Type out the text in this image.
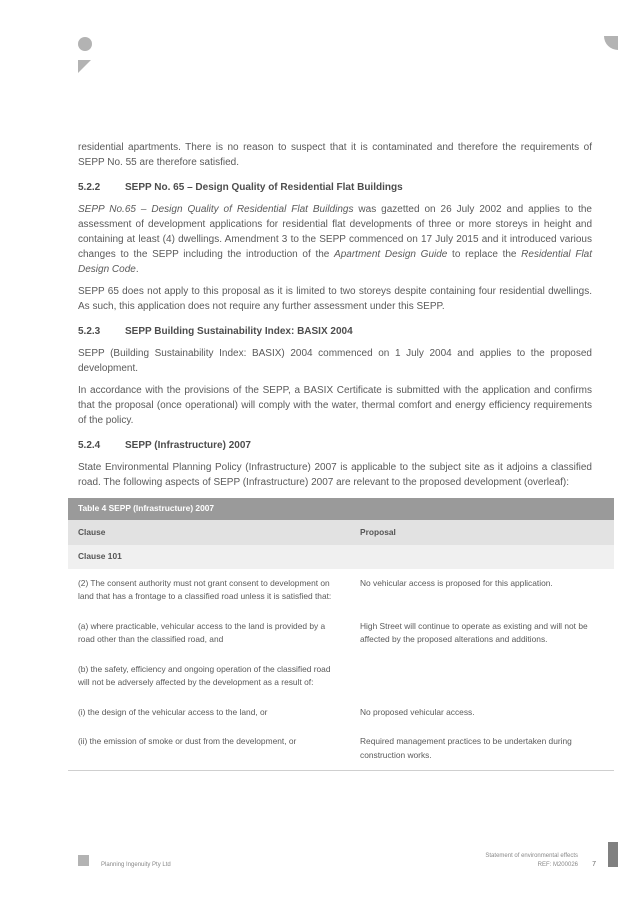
residential apartments. There is no reason to suspect that it is contaminated and therefore the requirements of SEPP No. 55 are therefore satisfied.

5.2.2 SEPP No. 65 – Design Quality of Residential Flat Buildings

SEPP No.65 – Design Quality of Residential Flat Buildings was gazetted on 26 July 2002 and applies to the assessment of development applications for residential flat developments of three or more storeys in height and containing at least (4) dwellings. Amendment 3 to the SEPP commenced on 17 July 2015 and it introduced various changes to the SEPP including the introduction of the Apartment Design Guide to replace the Residential Flat Design Code.

SEPP 65 does not apply to this proposal as it is limited to two storeys despite containing four residential dwellings. As such, this application does not require any further assessment under this SEPP.

5.2.3 SEPP Building Sustainability Index: BASIX 2004

SEPP (Building Sustainability Index: BASIX) 2004 commenced on 1 July 2004 and applies to the proposed development.

In accordance with the provisions of the SEPP, a BASIX Certificate is submitted with the application and confirms that the proposal (once operational) will comply with the water, thermal comfort and energy efficiency requirements of the policy.

5.2.4 SEPP (Infrastructure) 2007

State Environmental Planning Policy (Infrastructure) 2007 is applicable to the subject site as it adjoins a classified road. The following aspects of SEPP (Infrastructure) 2007 are relevant to the proposed development (overleaf):

Table 4 SEPP (Infrastructure) 2007	
Clause	Proposal
Clause 101	
(2) The consent authority must not grant consent to development on land that has a frontage to a classified road unless it is satisfied that:	No vehicular access is proposed for this application.
(a) where practicable, vehicular access to the land is provided by a road other than the classified road, and	High Street will continue to operate as existing and will not be affected by the proposed alterations and additions.
(b) the safety, efficiency and ongoing operation of the classified road will not be adversely affected by the development as a result of:	
(i) the design of the vehicular access to the land, or	No proposed vehicular access.
(ii) the emission of smoke or dust from the development, or	Required management practices to be undertaken during construction works.
Planning Ingenuity Pty Ltd
Statement of environmental effects
REF: M200026 7
